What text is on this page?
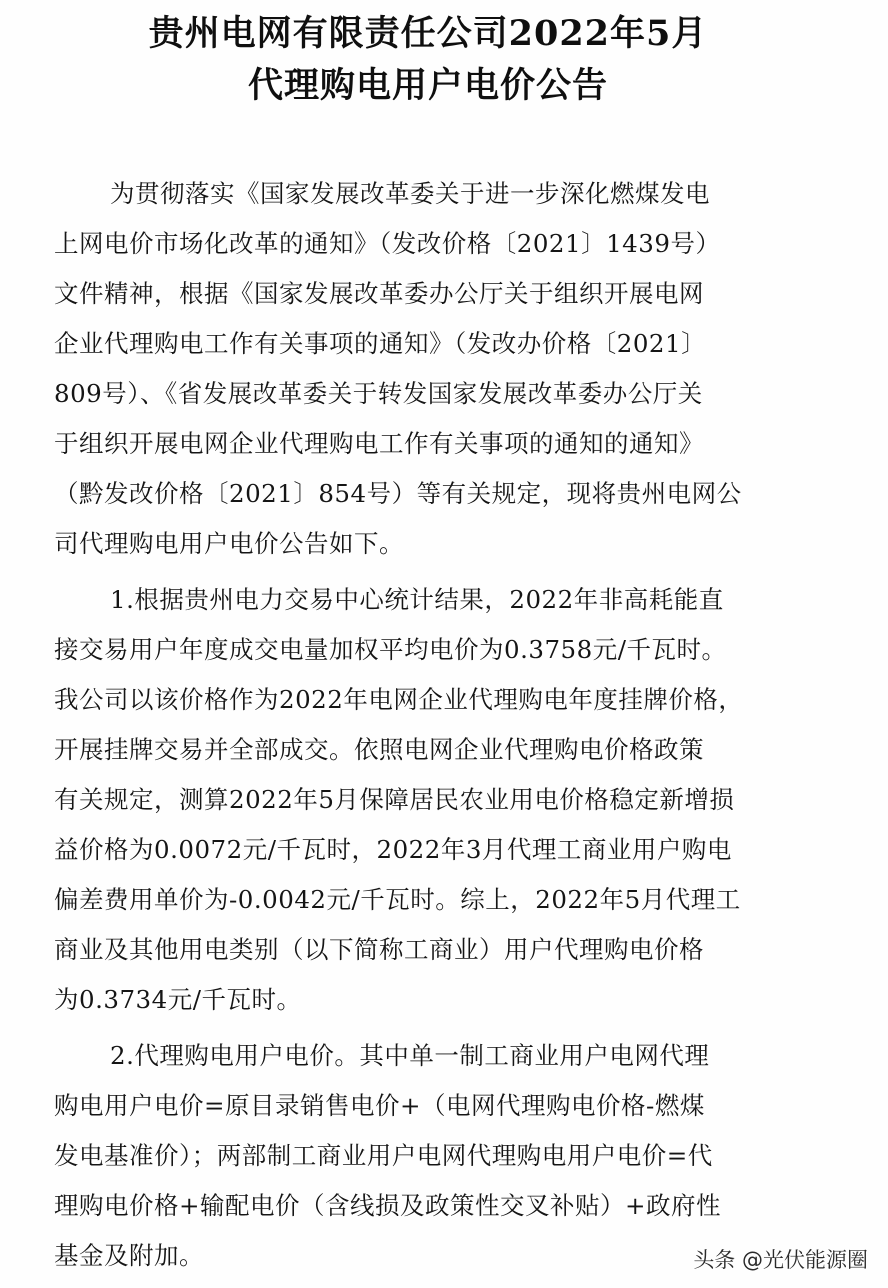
贵州电网有限责任公司2022年5月
代理购电用户电价公告
为贯彻落实《国家发展改革委关于进一步深化燃煤发电
上网电价市场化改革的通知》（发改价格〔2021〕1439号）
文件精神，根据《国家发展改革委办公厅关于组织开展电网
企业代理购电工作有关事项的通知》（发改办价格〔2021〕
809号）、《省发展改革委关于转发国家发展改革委办公厅关
于组织开展电网企业代理购电工作有关事项的通知的通知》
（黔发改价格〔2021〕854号）等有关规定，现将贵州电网公
司代理购电用户电价公告如下。
1.根据贵州电力交易中心统计结果，2022年非高耗能直
接交易用户年度成交电量加权平均电价为0.3758元/千瓦时。
我公司以该价格作为2022年电网企业代理购电年度挂牌价格，
开展挂牌交易并全部成交。依照电网企业代理购电价格政策
有关规定，测算2022年5月保障居民农业用电价格稳定新增损
益价格为0.0072元/千瓦时，2022年3月代理工商业用户购电
偏差费用单价为-0.0042元/千瓦时。综上，2022年5月代理工
商业及其他用电类别（以下简称工商业）用户代理购电价格
为0.3734元/千瓦时。
2.代理购电用户电价。其中单一制工商业用户电网代理
购电用户电价=原目录销售电价+（电网代理购电价格-燃煤
发电基准价）；两部制工商业用户电网代理购电用户电价=代
理购电价格+输配电价（含线损及政策性交叉补贴）+政府性
基金及附加。	头条 @光伏能源圈
